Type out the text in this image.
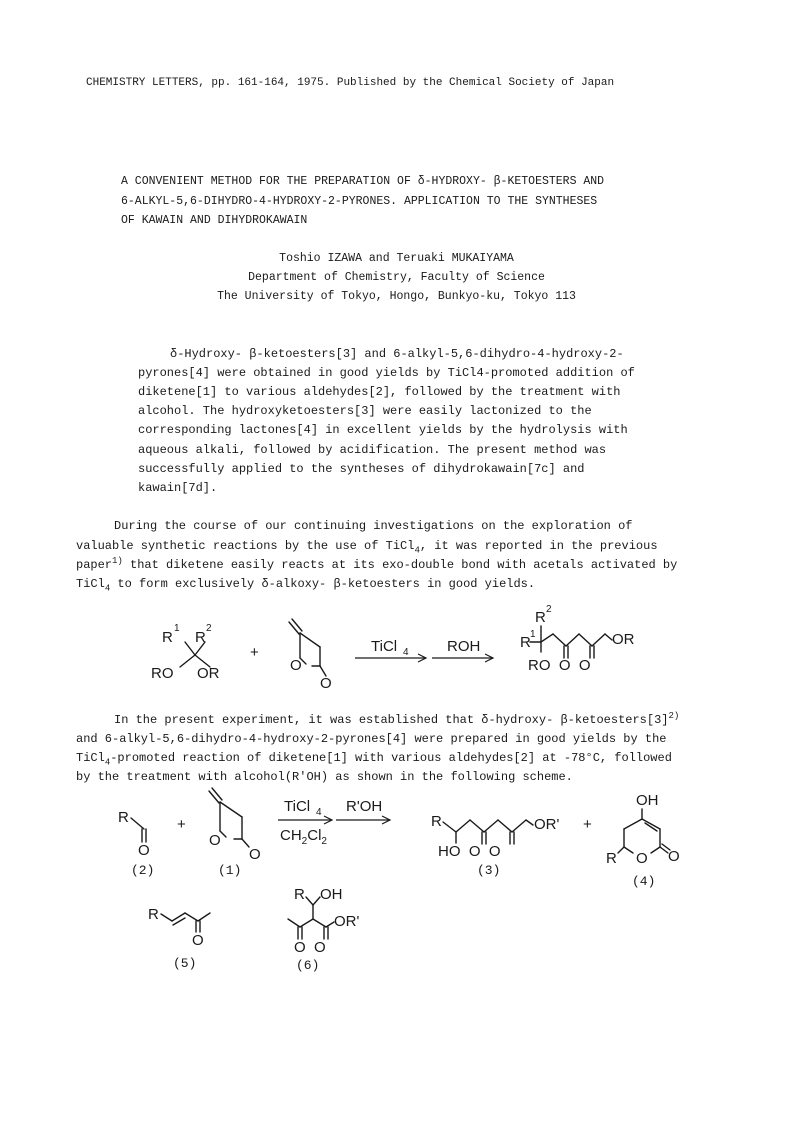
CHEMISTRY LETTERS, pp. 161-164, 1975. Published by the Chemical Society of Japan
A CONVENIENT METHOD FOR THE PREPARATION OF δ-HYDROXY- β-KETOESTERS AND
6-ALKYL-5,6-DIHYDRO-4-HYDROXY-2-PYRONES. APPLICATION TO THE SYNTHESES
OF KAWAIN AND DIHYDROKAWAIN
Toshio IZAWA and Teruaki MUKAIYAMA
Department of Chemistry, Faculty of Science
The University of Tokyo, Hongo, Bunkyo-ku, Tokyo 113
δ-Hydroxy- β-ketoesters[3] and 6-alkyl-5,6-dihydro-4-hydroxy-2-
pyrones[4] were obtained in good yields by TiCl4-promoted addition of
diketene[1] to various aldehydes[2], followed by the treatment with
alcohol. The hydroxyketoesters[3] were easily lactonized to the
corresponding lactones[4] in excellent yields by the hydrolysis with
aqueous alkali, followed by acidification. The present method was
successfully applied to the syntheses of dihydrokawain[7c] and
kawain[7d].
During the course of our continuing investigations on the exploration of
valuable synthetic reactions by the use of TiCl$_4$, it was reported in the previous
paper$^{1)}$ that diketene easily reacts at its exo-double bond with acetals activated by
TiCl$_4$ to form exclusively δ-alkoxy- β-ketoesters in good yields.
R
1
R
2
RO OR
+
O
O
TiCl 4	ROH
R 2
R 1	OR
RO  O  O
In the present experiment, it was established that δ-hydroxy- $\beta-ketoesters[3]^{2)}$
and 6-alkyl-5,6-dihydro-4-hydroxy-2-pyrones[4] were prepared in good yields by the
TiCl$_4$-promoted reaction of diketene[1] with various aldehydes[2] at -78°C, followed
by the treatment with alcohol(R'OH) as shown in the following scheme.
R
O
(2)
+
O
O
(1)
TiCl 4
$CH_2Cl_2$
R'OH
R	OR'
HO  O  O
(3)
+
OH
R O O
(4)
R
O
(5)
R OH
OR'
O  O
(6)
